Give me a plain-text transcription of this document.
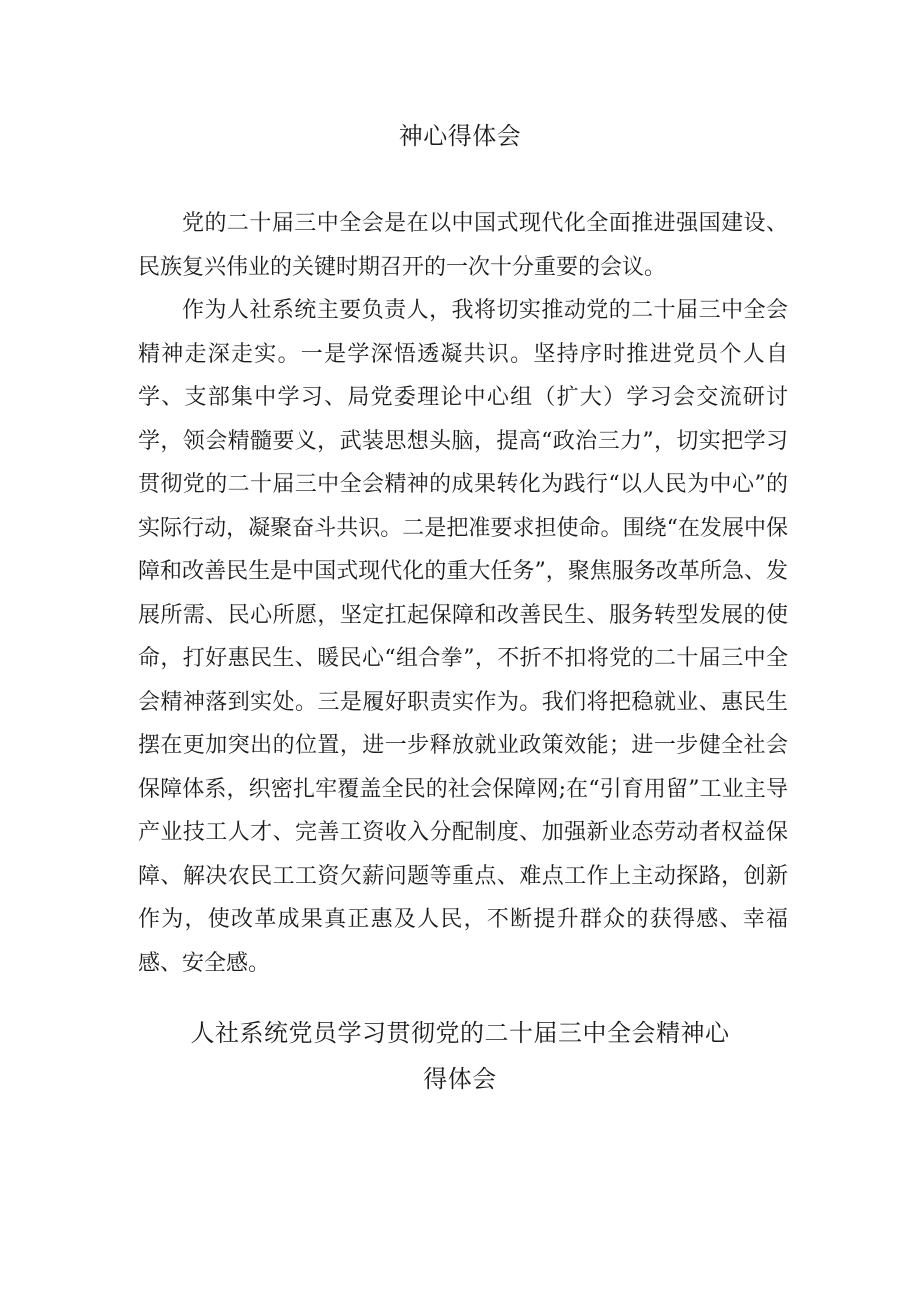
神心得体会

党的二十届三中全会是在以中国式现代化全面推进强国建设、民族复兴伟业的关键时期召开的一次十分重要的会议。

作为人社系统主要负责人，我将切实推动党的二十届三中全会精神走深走实。一是学深悟透凝共识。坚持序时推进党员个人自学、支部集中学习、局党委理论中心组（扩大）学习会交流研讨学，领会精髓要义，武装思想头脑，提高“政治三力”，切实把学习贯彻党的二十届三中全会精神的成果转化为践行“以人民为中心”的实际行动，凝聚奋斗共识。二是把准要求担使命。围绕“在发展中保障和改善民生是中国式现代化的重大任务”，聚焦服务改革所急、发展所需、民心所愿，坚定扛起保障和改善民生、服务转型发展的使命，打好惠民生、暖民心“组合拳”，不折不扣将党的二十届三中全会精神落到实处。三是履好职责实作为。我们将把稳就业、惠民生摆在更加突出的位置，进一步释放就业政策效能；进一步健全社会保障体系，织密扎牢覆盖全民的社会保障网;在“引育用留”工业主导产业技工人才、完善工资收入分配制度、加强新业态劳动者权益保障、解决农民工工资欠薪问题等重点、难点工作上主动探路，创新作为，使改革成果真正惠及人民，不断提升群众的获得感、幸福感、安全感。

人社系统党员学习贯彻党的二十届三中全会精神心得体会
